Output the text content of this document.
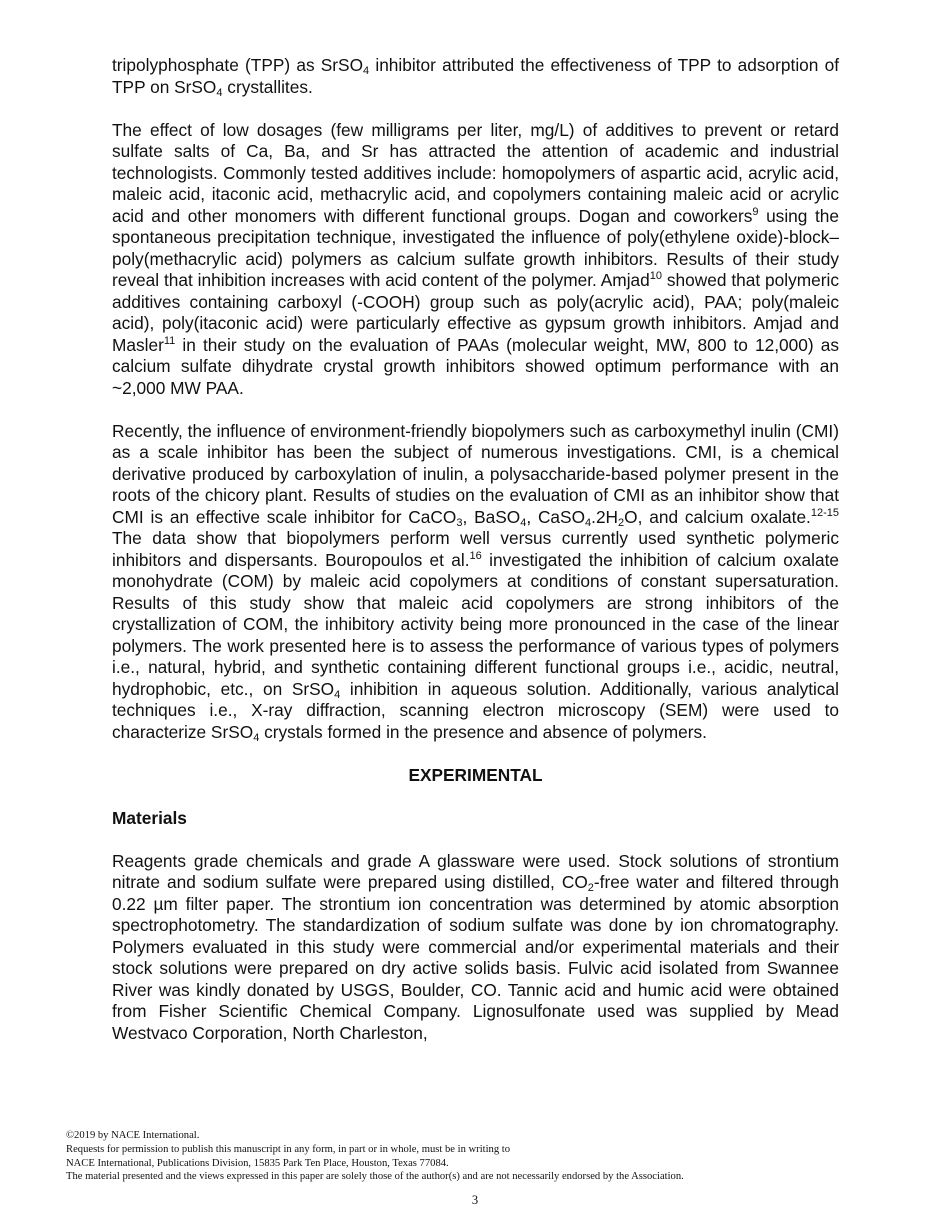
tripolyphosphate (TPP) as SrSO$_4$ inhibitor attributed the effectiveness of TPP to adsorption of TPP on SrSO$_4$ crystallites.

The effect of low dosages (few milligrams per liter, mg/L) of additives to prevent or retard sulfate salts of Ca, Ba, and Sr has attracted the attention of academic and industrial technologists. Commonly tested additives include: homopolymers of aspartic acid, acrylic acid, maleic acid, itaconic acid, methacrylic acid, and copolymers containing maleic acid or acrylic acid and other monomers with different functional groups. Dogan and coworkers$^9$ using the spontaneous precipitation technique, investigated the influence of poly(ethylene oxide)-block–poly(methacrylic acid) polymers as calcium sulfate growth inhibitors. Results of their study reveal that inhibition increases with acid content of the polymer. Amjad$^{10}$ showed that polymeric additives containing carboxyl (-COOH) group such as poly(acrylic acid), PAA; poly(maleic acid), poly(itaconic acid) were particularly effective as gypsum growth inhibitors. Amjad and Masler$^{11}$ in their study on the evaluation of PAAs (molecular weight, MW, 800 to 12,000) as calcium sulfate dihydrate crystal growth inhibitors showed optimum performance with an ~2,000 MW PAA.

Recently, the influence of environment-friendly biopolymers such as carboxymethyl inulin (CMI) as a scale inhibitor has been the subject of numerous investigations. CMI, is a chemical derivative produced by carboxylation of inulin, a polysaccharide-based polymer present in the roots of the chicory plant. Results of studies on the evaluation of CMI as an inhibitor show that CMI is an effective scale inhibitor for CaCO$_3$, BaSO$_4$, $CaSO_4.2H_2O$, and calcium oxalate.$^{12-15}$ The data show that biopolymers perform well versus currently used synthetic polymeric inhibitors and dispersants. Bouropoulos et al.$^{16}$ investigated the inhibition of calcium oxalate monohydrate (COM) by maleic acid copolymers at conditions of constant supersaturation. Results of this study show that maleic acid copolymers are strong inhibitors of the crystallization of COM, the inhibitory activity being more pronounced in the case of the linear polymers. The work presented here is to assess the performance of various types of polymers i.e., natural, hybrid, and synthetic containing different functional groups i.e., acidic, neutral, hydrophobic, etc., on SrSO$_4$ inhibition in aqueous solution. Additionally, various analytical techniques i.e., X-ray diffraction, scanning electron microscopy (SEM) were used to characterize SrSO$_4$ crystals formed in the presence and absence of polymers.

EXPERIMENTAL
Materials

Reagents grade chemicals and grade A glassware were used. Stock solutions of strontium nitrate and sodium sulfate were prepared using distilled, $CO_2$-free water and filtered through 0.22 µm filter paper. The strontium ion concentration was determined by atomic absorption spectrophotometry. The standardization of sodium sulfate was done by ion chromatography. Polymers evaluated in this study were commercial and/or experimental materials and their stock solutions were prepared on dry active solids basis. Fulvic acid isolated from Swannee River was kindly donated by USGS, Boulder, CO. Tannic acid and humic acid were obtained from Fisher Scientific Chemical Company. Lignosulfonate used was supplied by Mead Westvaco Corporation, North Charleston,

©2019 by NACE International.
Requests for permission to publish this manuscript in any form, in part or in whole, must be in writing to
NACE International, Publications Division, 15835 Park Ten Place, Houston, Texas 77084.
The material presented and the views expressed in this paper are solely those of the author(s) and are not necessarily endorsed by the Association.
3
